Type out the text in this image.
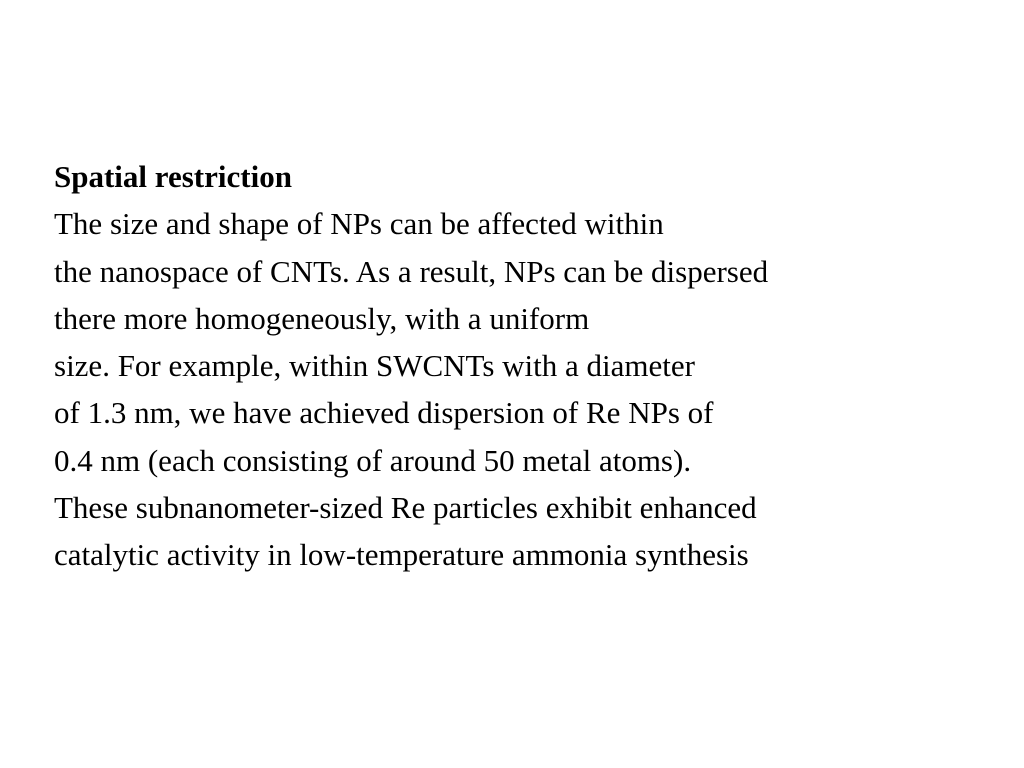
Spatial restriction
The size and shape of NPs can be affected within
the nanospace of CNTs. As a result, NPs can be dispersed
there more homogeneously, with a uniform
size. For example, within SWCNTs with a diameter
of 1.3 nm, we have achieved dispersion of Re NPs of
0.4 nm (each consisting of around 50 metal atoms).
These subnanometer-sized Re particles exhibit enhanced
catalytic activity in low-temperature ammonia synthesis
